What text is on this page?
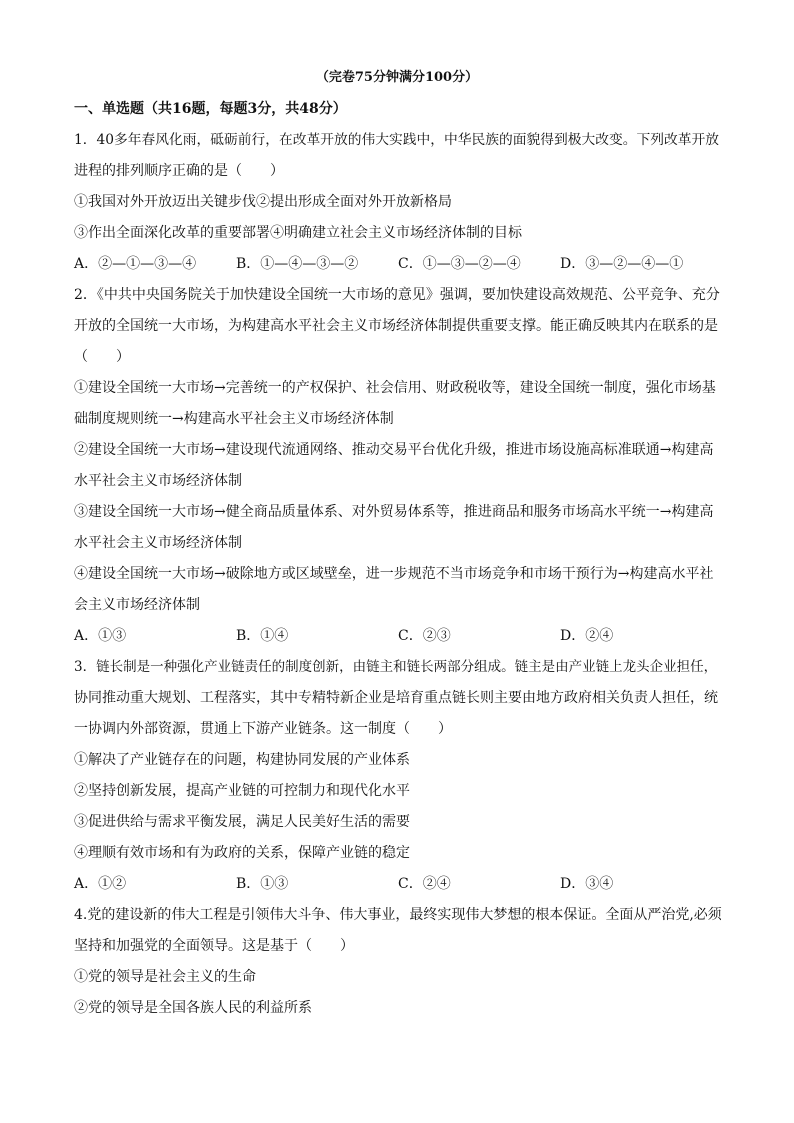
（完卷75分钟满分100分）
一、单选题（共16题，每题3分，共48分）
1．40多年春风化雨，砥砺前行，在改革开放的伟大实践中，中华民族的面貌得到极大改变。下列改革开放
进程的排列顺序正确的是（　　）
①我国对外开放迈出关键步伐②提出形成全面对外开放新格局
③作出全面深化改革的重要部署④明确建立社会主义市场经济体制的目标
A．②—①—③—④	B．①—④—③—②	C．①—③—②—④	D．③—②—④—①
2．《中共中央国务院关于加快建设全国统一大市场的意见》强调，要加快建设高效规范、公平竞争、充分
开放的全国统一大市场，为构建高水平社会主义市场经济体制提供重要支撑。能正确反映其内在联系的是
（　　）
①建设全国统一大市场→完善统一的产权保护、社会信用、财政税收等，建设全国统一制度，强化市场基
础制度规则统一→构建高水平社会主义市场经济体制
②建设全国统一大市场→建设现代流通网络、推动交易平台优化升级，推进市场设施高标准联通→构建高
水平社会主义市场经济体制
③建设全国统一大市场→健全商品质量体系、对外贸易体系等，推进商品和服务市场高水平统一→构建高
水平社会主义市场经济体制
④建设全国统一大市场→破除地方或区域壁垒，进一步规范不当市场竞争和市场干预行为→构建高水平社
会主义市场经济体制
A．①③	B．①④	C．②③	D．②④
3．链长制是一种强化产业链责任的制度创新，由链主和链长两部分组成。链主是由产业链上龙头企业担任，
协同推动重大规划、工程落实，其中专精特新企业是培育重点链长则主要由地方政府相关负责人担任，统
一协调内外部资源，贯通上下游产业链条。这一制度（　　）
①解决了产业链存在的问题，构建协同发展的产业体系
②坚持创新发展，提高产业链的可控制力和现代化水平
③促进供给与需求平衡发展，满足人民美好生活的需要
④理顺有效市场和有为政府的关系，保障产业链的稳定
A．①②	B．①③	C．②④	D．③④
4.党的建设新的伟大工程是引领伟大斗争、伟大事业，最终实现伟大梦想的根本保证。全面从严治党,必须
坚持和加强党的全面领导。这是基于（　　）
①党的领导是社会主义的生命
②党的领导是全国各族人民的利益所系
